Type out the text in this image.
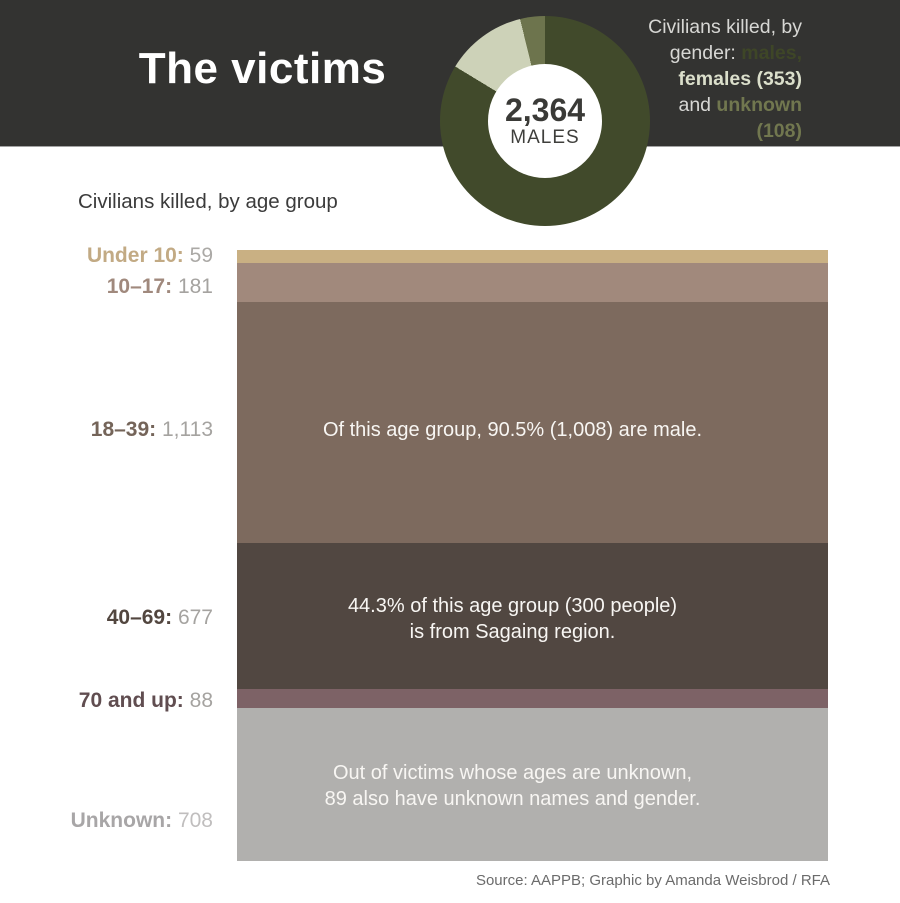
The victims
2,364
MALES
Civilians killed, by
gender: males,
females (353)
and unknown
(108)
Civilians killed, by age group
Of this age group, 90.5% (1,008) are male.
44.3% of this age group (300 people)
is from Sagaing region.
Out of victims whose ages are unknown,
89 also have unknown names and gender.
Under 10: 59
10–17: 181
18–39: 1,113
40–69: 677
70 and up: 88
Unknown: 708
Source: AAPPB; Graphic by Amanda Weisbrod / RFA
